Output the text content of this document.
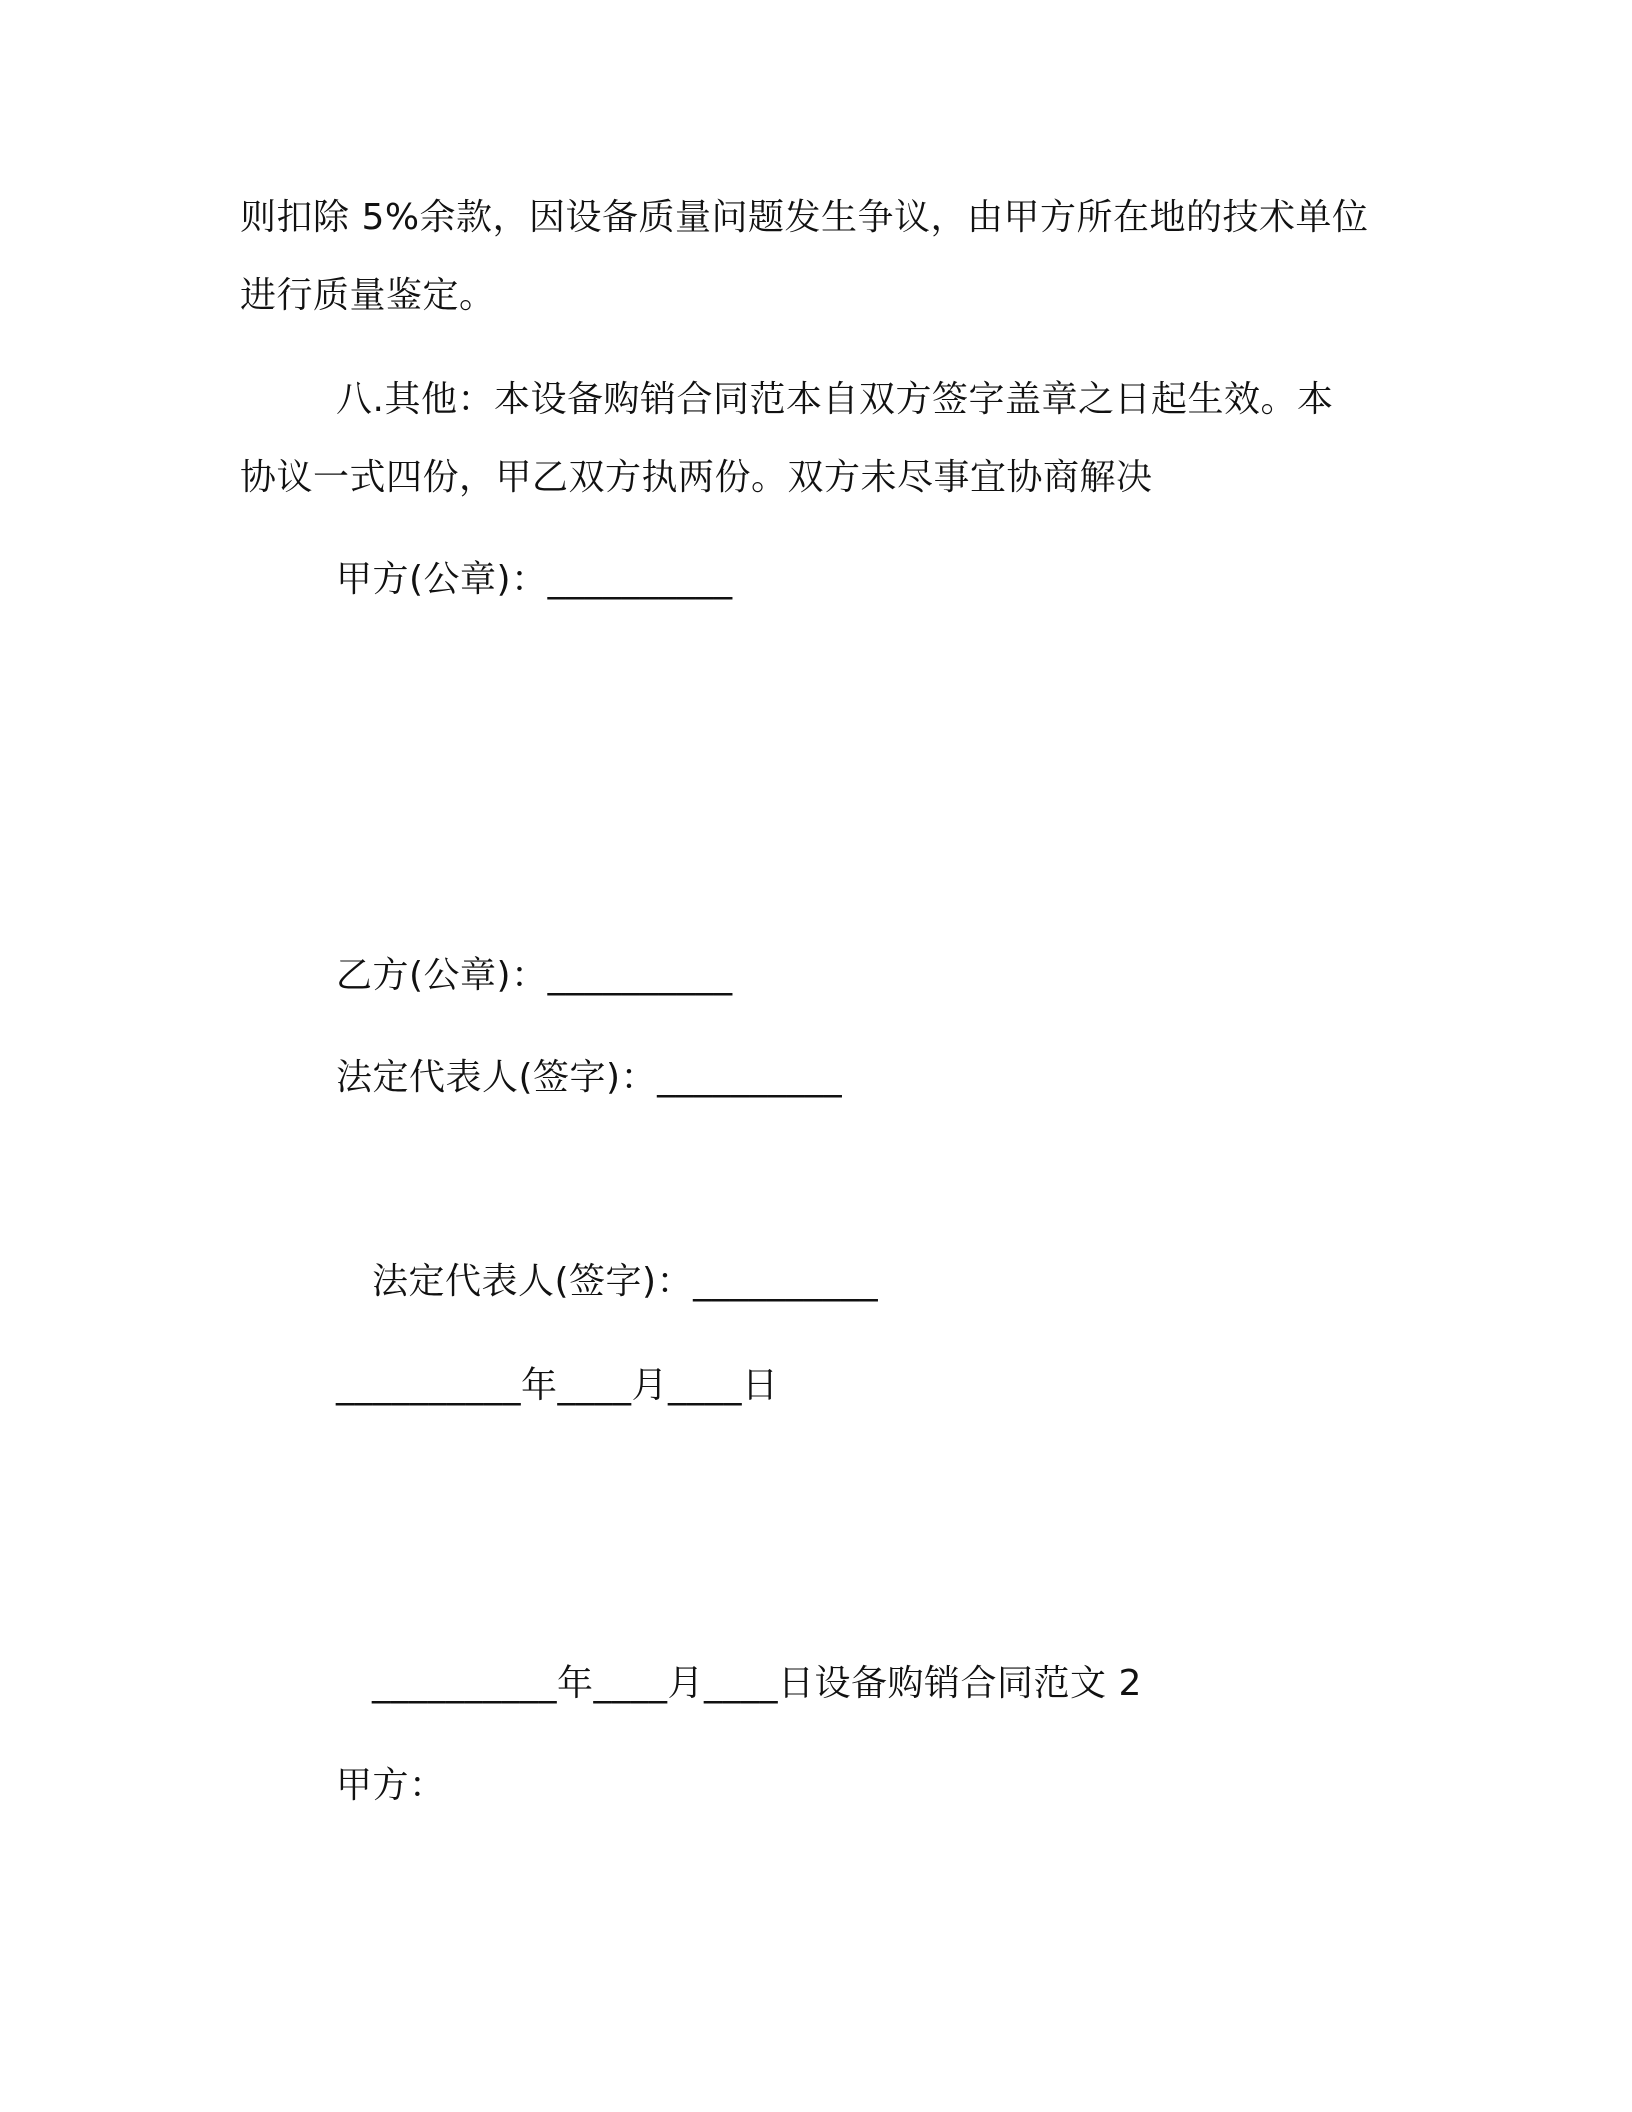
则扣除 5%余款，因设备质量问题发生争议，由甲方所在地的技术单位
进行质量鉴定。
八.其他：本设备购销合同范本自双方签字盖章之日起生效。本
协议一式四份，甲乙双方执两份。双方未尽事宜协商解决
甲方(公章)：__________
乙方(公章)：__________
法定代表人(签字)：__________
法定代表人(签字)：__________
__________年____月____日
__________年____月____日设备购销合同范文 2
甲方：
